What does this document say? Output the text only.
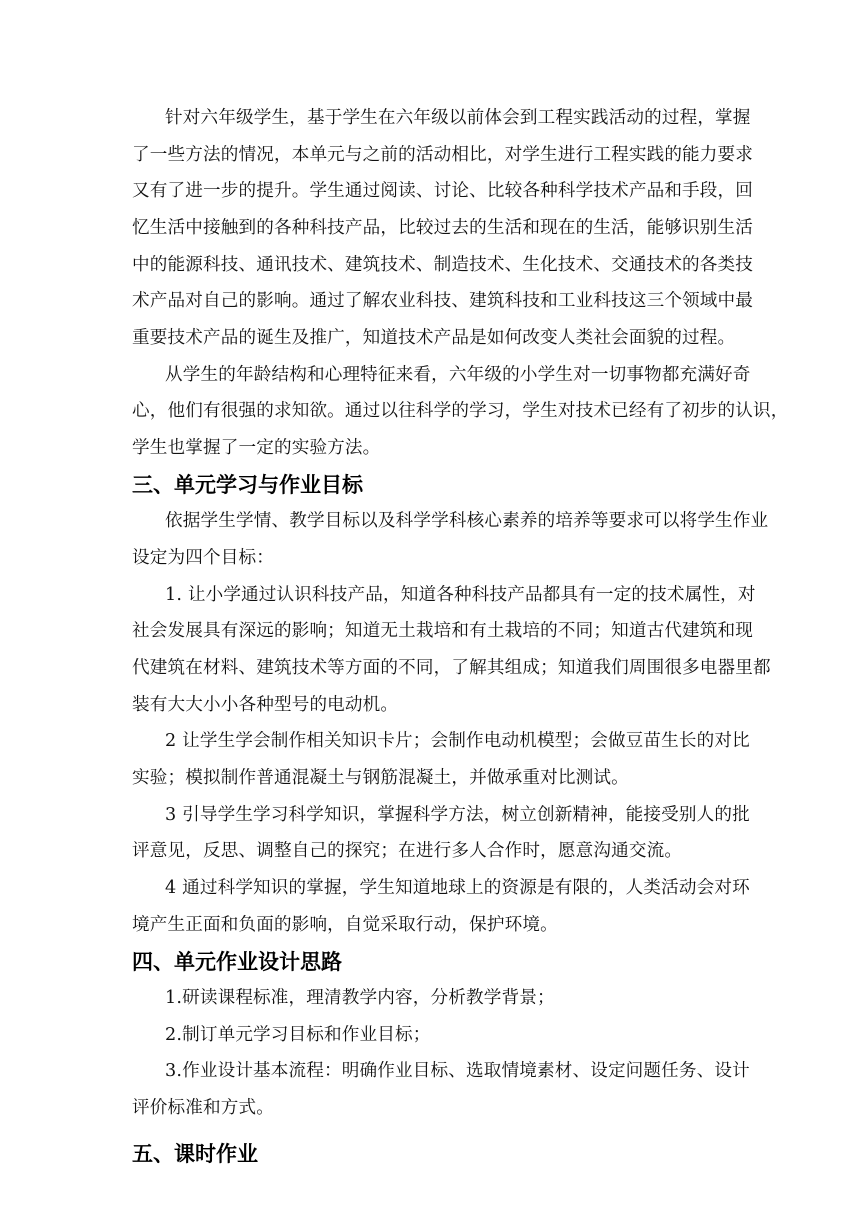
针对六年级学生，基于学生在六年级以前体会到工程实践活动的过程，掌握

了一些方法的情况，本单元与之前的活动相比，对学生进行工程实践的能力要求

又有了进一步的提升。学生通过阅读、讨论、比较各种科学技术产品和手段，回

忆生活中接触到的各种科技产品，比较过去的生活和现在的生活，能够识别生活

中的能源科技、通讯技术、建筑技术、制造技术、生化技术、交通技术的各类技

术产品对自己的影响。通过了解农业科技、建筑科技和工业科技这三个领域中最

重要技术产品的诞生及推广，知道技术产品是如何改变人类社会面貌的过程。

从学生的年龄结构和心理特征来看，六年级的小学生对一切事物都充满好奇

心，他们有很强的求知欲。通过以往科学的学习，学生对技术已经有了初步的认识，

学生也掌握了一定的实验方法。

三、单元学习与作业目标

依据学生学情、教学目标以及科学学科核心素养的培养等要求可以将学生作业

设定为四个目标：

1. 让小学通过认识科技产品，知道各种科技产品都具有一定的技术属性，对

社会发展具有深远的影响；知道无土栽培和有土栽培的不同；知道古代建筑和现

代建筑在材料、建筑技术等方面的不同，了解其组成；知道我们周围很多电器里都

装有大大小小各种型号的电动机。

2 让学生学会制作相关知识卡片；会制作电动机模型；会做豆苗生长的对比

实验；模拟制作普通混凝土与钢筋混凝土，并做承重对比测试。

3 引导学生学习科学知识，掌握科学方法，树立创新精神，能接受别人的批

评意见，反思、调整自己的探究；在进行多人合作时，愿意沟通交流。

4 通过科学知识的掌握，学生知道地球上的资源是有限的，人类活动会对环

境产生正面和负面的影响，自觉采取行动，保护环境。

四、单元作业设计思路

1.研读课程标准，理清教学内容，分析教学背景；

2.制订单元学习目标和作业目标；

3.作业设计基本流程：明确作业目标、选取情境素材、设定问题任务、设计

评价标准和方式。

五、课时作业
